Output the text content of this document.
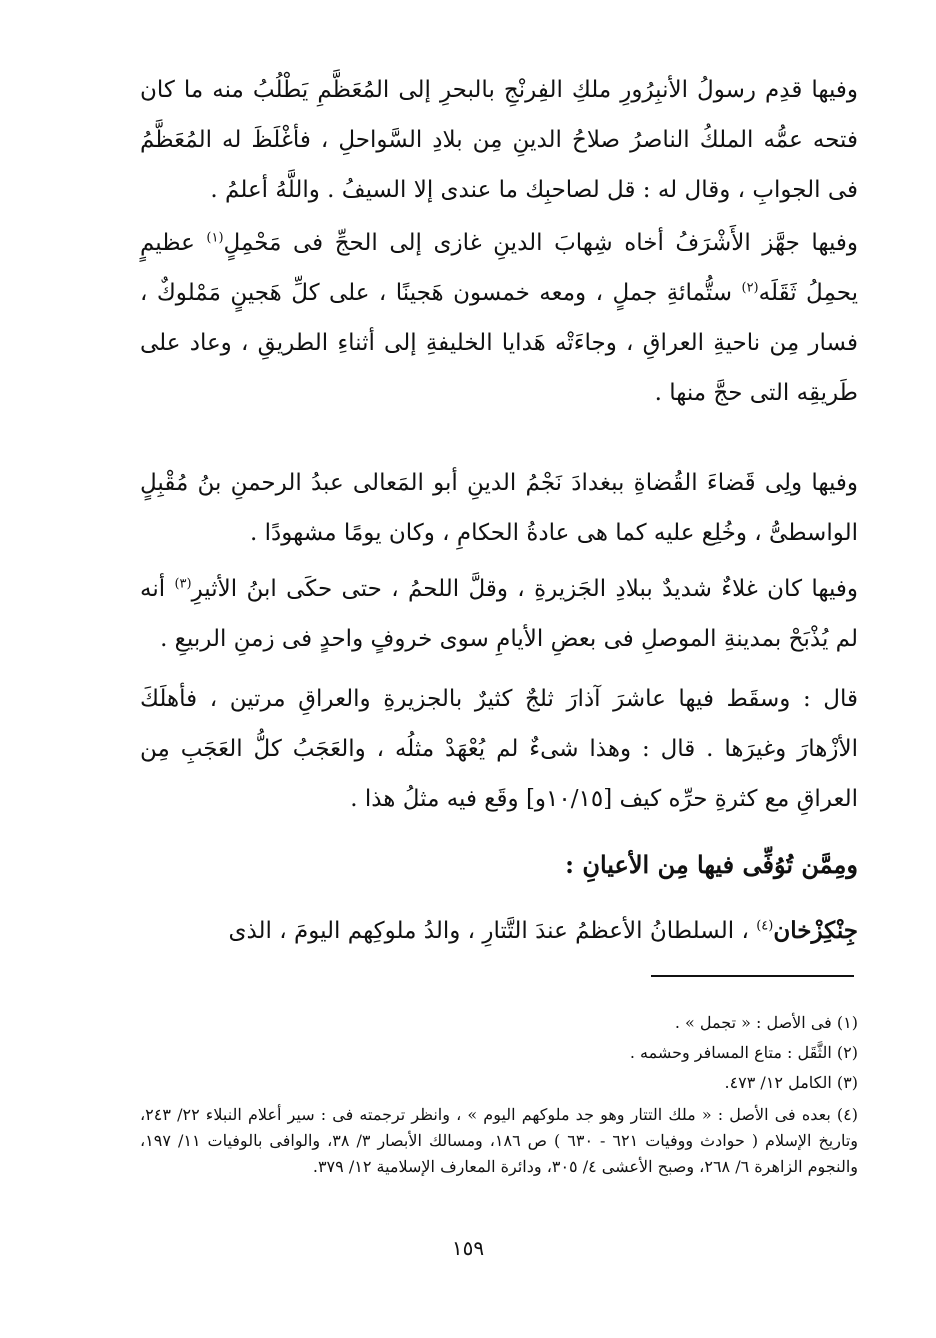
وفيها قدِم رسولُ الأنبِرُورِ ملكِ الفِرنْجِ بالبحرِ إلى المُعَظَّمِ يَطْلُبُ منه ما كان فتحه عمُّه الملكُ الناصرُ صلاحُ الدينِ مِن بلادِ السَّواحلِ ، فأغْلَظَ له المُعَظَّمُ فى الجوابِ ، وقال له : قل لصاحبِك ما عندى إلا السيفُ . واللَّهُ أعلمُ .
وفيها جهَّز الأَشْرَفُ أخاه شِهابَ الدينِ غازى إلى الحجِّ فى مَحْمِلٍ$^{(١)}$ عظيمٍ يحمِلُ ثَقَلَه$^{(٢)}$ ستُّمائةِ جملٍ ، ومعه خمسون هَجينًا ، على كلِّ هَجينٍ مَمْلوكٌ ، فسار مِن ناحيةِ العراقِ ، وجاءَتْه هَدايا الخليفةِ إلى أثناءِ الطريقِ ، وعاد على طَريقِه التى حجَّ منها .
وفيها ولِى قَضاءَ القُضاةِ ببغدادَ نَجْمُ الدينِ أبو المَعالى عبدُ الرحمنِ بنُ مُقْبِلٍ الواسطىُّ ، وخُلِع عليه كما هى عادةُ الحكامِ ، وكان يومًا مشهودًا .
وفيها كان غلاءٌ شديدٌ ببلادِ الجَزيرةِ ، وقلَّ اللحمُ ، حتى حكَى ابنُ الأثيرِ$^{(٣)}$ أنه لم يُذْبَحْ بمدينةِ الموصلِ فى بعضِ الأيامِ سوى خروفٍ واحدٍ فى زمنِ الربيعِ .
قال : وسقَط فيها عاشرَ آذارَ ثلجٌ كثيرٌ بالجزيرةِ والعراقِ مرتين ، فأهلَكَ الأزْهارَ وغيرَها . قال : وهذا شىءٌ لم يُعْهَدْ مثلُه ، والعَجَبُ كلُّ العَجَبِ مِن العراقِ مع كثرةِ حرِّه كيف [١٠/١٥و] وقَع فيه مثلُ هذا .
ومِمَّن تُوُفِّى فيها مِن الأعيانِ :
جِنْكِزْخان$^{(٤)}$ ، السلطانُ الأعظمُ عندَ التَّتارِ ، والدُ ملوكِهم اليومَ ، الذى
(١) فى الأصل : « تجمل » .
(٢) الثَّقَل : متاع المسافر وحشمه .
(٣) الكامل ١٢/ ٤٧٣.
(٤) بعده فى الأصل : « ملك التتار وهو جد ملوكهم اليوم » ، وانظر ترجمته فى : سير أعلام النبلاء ٢٢/ ٢٤٣، وتاريخ الإسلام ( حوادث ووفيات ٦٢١ - ٦٣٠ ) ص ١٨٦، ومسالك الأبصار ٣/ ٣٨، والوافى بالوفيات ١١/ ١٩٧، والنجوم الزاهرة ٦/ ٢٦٨، وصبح الأعشى ٤/ ٣٠٥، ودائرة المعارف الإسلامية ١٢/ ٣٧٩.
١٥٩
